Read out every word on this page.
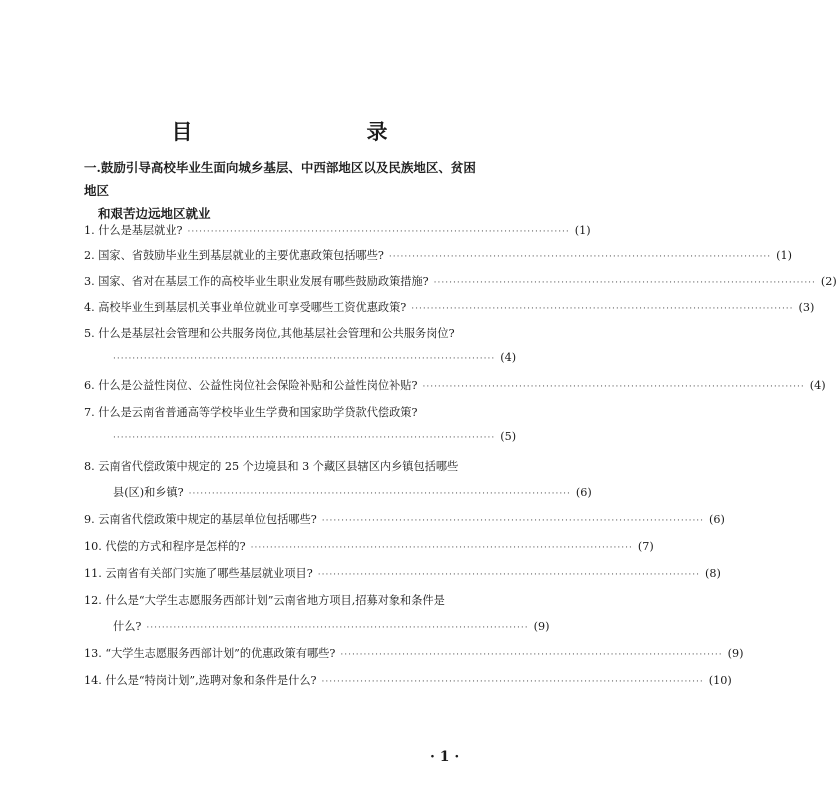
目　　录
一.鼓励引导高校毕业生面向城乡基层、中西部地区以及民族地区、贫困地区
和艰苦边远地区就业
1. 什么是基层就业? ··································································································· (1)
2. 国家、省鼓励毕业生到基层就业的主要优惠政策包括哪些? ··································································································· (1)
3. 国家、省对在基层工作的高校毕业生职业发展有哪些鼓励政策措施? ··································································································· (2)
4. 高校毕业生到基层机关事业单位就业可享受哪些工资优惠政策? ··································································································· (3)
5. 什么是基层社会管理和公共服务岗位,其他基层社会管理和公共服务岗位?
··································································································· (4)
6. 什么是公益性岗位、公益性岗位社会保险补贴和公益性岗位补贴? ··································································································· (4)
7. 什么是云南省普通高等学校毕业生学费和国家助学贷款代偿政策?
··································································································· (5)
8. 云南省代偿政策中规定的 25 个边境县和 3 个藏区县辖区内乡镇包括哪些
县(区)和乡镇? ··································································································· (6)
9. 云南省代偿政策中规定的基层单位包括哪些? ··································································································· (6)
10. 代偿的方式和程序是怎样的? ··································································································· (7)
11. 云南省有关部门实施了哪些基层就业项目? ··································································································· (8)
12. 什么是“大学生志愿服务西部计划”云南省地方项目,招募对象和条件是
什么? ··································································································· (9)
13. “大学生志愿服务西部计划”的优惠政策有哪些? ··································································································· (9)
14. 什么是“特岗计划”,选聘对象和条件是什么? ··································································································· (10)
· 1 ·
